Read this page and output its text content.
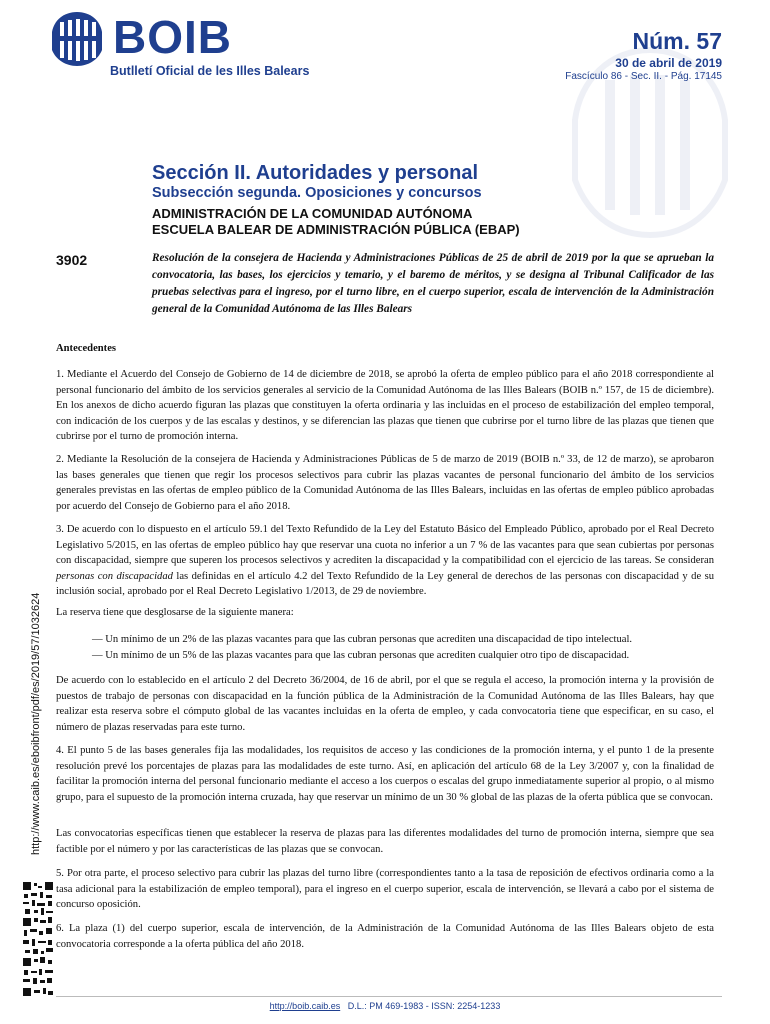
BOIB
Butlletí Oficial de les Illes Balears
Núm. 57
30 de abril de 2019
Fascículo 86 - Sec. II. - Pág. 17145
Sección II. Autoridades y personal
Subsección segunda. Oposiciones y concursos
ADMINISTRACIÓN DE LA COMUNIDAD AUTÓNOMA
ESCUELA BALEAR DE ADMINISTRACIÓN PÚBLICA (EBAP)
3902	Resolución de la consejera de Hacienda y Administraciones Públicas de 25 de abril de 2019 por la que se aprueban la convocatoria, las bases, los ejercicios y temario, y el baremo de méritos, y se designa al Tribunal Calificador de las pruebas selectivas para el ingreso, por el turno libre, en el cuerpo superior, escala de intervención de la Administración general de la Comunidad Autónoma de las Illes Balears
Antecedentes
1. Mediante el Acuerdo del Consejo de Gobierno de 14 de diciembre de 2018, se aprobó la oferta de empleo público para el año 2018 correspondiente al personal funcionario del ámbito de los servicios generales al servicio de la Comunidad Autónoma de las Illes Balears (BOIB n.º 157, de 15 de diciembre). En los anexos de dicho acuerdo figuran las plazas que constituyen la oferta ordinaria y las incluidas en el proceso de estabilización del empleo temporal, con indicación de los cuerpos y de las escalas y destinos, y se diferencian las plazas que tienen que cubrirse por el turno libre de las plazas que tienen que cubrirse por el turno de promoción interna.
2. Mediante la Resolución de la consejera de Hacienda y Administraciones Públicas de 5 de marzo de 2019 (BOIB n.º 33, de 12 de marzo), se aprobaron las bases generales que tienen que regir los procesos selectivos para cubrir las plazas vacantes de personal funcionario del ámbito de los servicios generales previstas en las ofertas de empleo público de la Comunidad Autónoma de las Illes Balears, incluidas en las ofertas de empleo público aprobadas por acuerdo del Consejo de Gobierno para el año 2018.
3. De acuerdo con lo dispuesto en el artículo 59.1 del Texto Refundido de la Ley del Estatuto Básico del Empleado Público, aprobado por el Real Decreto Legislativo 5/2015, en las ofertas de empleo público hay que reservar una cuota no inferior a un 7 % de las vacantes para que sean cubiertas por personas con discapacidad, siempre que superen los procesos selectivos y acrediten la discapacidad y la compatibilidad con el ejercicio de las tareas. Se consideran personas con discapacidad las definidas en el artículo 4.2 del Texto Refundido de la Ley general de derechos de las personas con discapacidad y de su inclusión social, aprobado por el Real Decreto Legislativo 1/2013, de 29 de noviembre.
La reserva tiene que desglosarse de la siguiente manera:
— Un mínimo de un 2% de las plazas vacantes para que las cubran personas que acrediten una discapacidad de tipo intelectual.
— Un mínimo de un 5% de las plazas vacantes para que las cubran personas que acrediten cualquier otro tipo de discapacidad.
De acuerdo con lo establecido en el artículo 2 del Decreto 36/2004, de 16 de abril, por el que se regula el acceso, la promoción interna y la provisión de puestos de trabajo de personas con discapacidad en la función pública de la Administración de la Comunidad Autónoma de las Illes Balears, hay que realizar esta reserva sobre el cómputo global de las vacantes incluidas en la oferta de empleo, y cada convocatoria tiene que especificar, en su caso, el número de plazas reservadas para este turno.
4. El punto 5 de las bases generales fija las modalidades, los requisitos de acceso y las condiciones de la promoción interna, y el punto 1 de la presente resolución prevé los porcentajes de plazas para las modalidades de este turno. Así, en aplicación del artículo 68 de la Ley 3/2007 y, con la finalidad de facilitar la promoción interna del personal funcionario mediante el acceso a los cuerpos o escalas del grupo inmediatamente superior al propio, o al mismo grupo, para el supuesto de la promoción interna cruzada, hay que reservar un mínimo de un 30 % global de las plazas de la oferta pública que se convocan.
Las convocatorias específicas tienen que establecer la reserva de plazas para las diferentes modalidades del turno de promoción interna, siempre que sea factible por el número y por las características de las plazas que se convocan.
5. Por otra parte, el proceso selectivo para cubrir las plazas del turno libre (correspondientes tanto a la tasa de reposición de efectivos ordinaria como a la tasa adicional para la estabilización de empleo temporal), para el ingreso en el cuerpo superior, escala de intervención, se llevará a cabo por el sistema de concurso oposición.
6. La plaza (1) del cuerpo superior, escala de intervención, de la Administración de la Comunidad Autónoma de las Illes Balears objeto de esta convocatoria corresponde a la oferta pública del año 2018.
http://www.caib.es/eboibfront/pdf/es/2019/57/1032624
http://boib.caib.es D.L.: PM 469-1983 - ISSN: 2254-1233
